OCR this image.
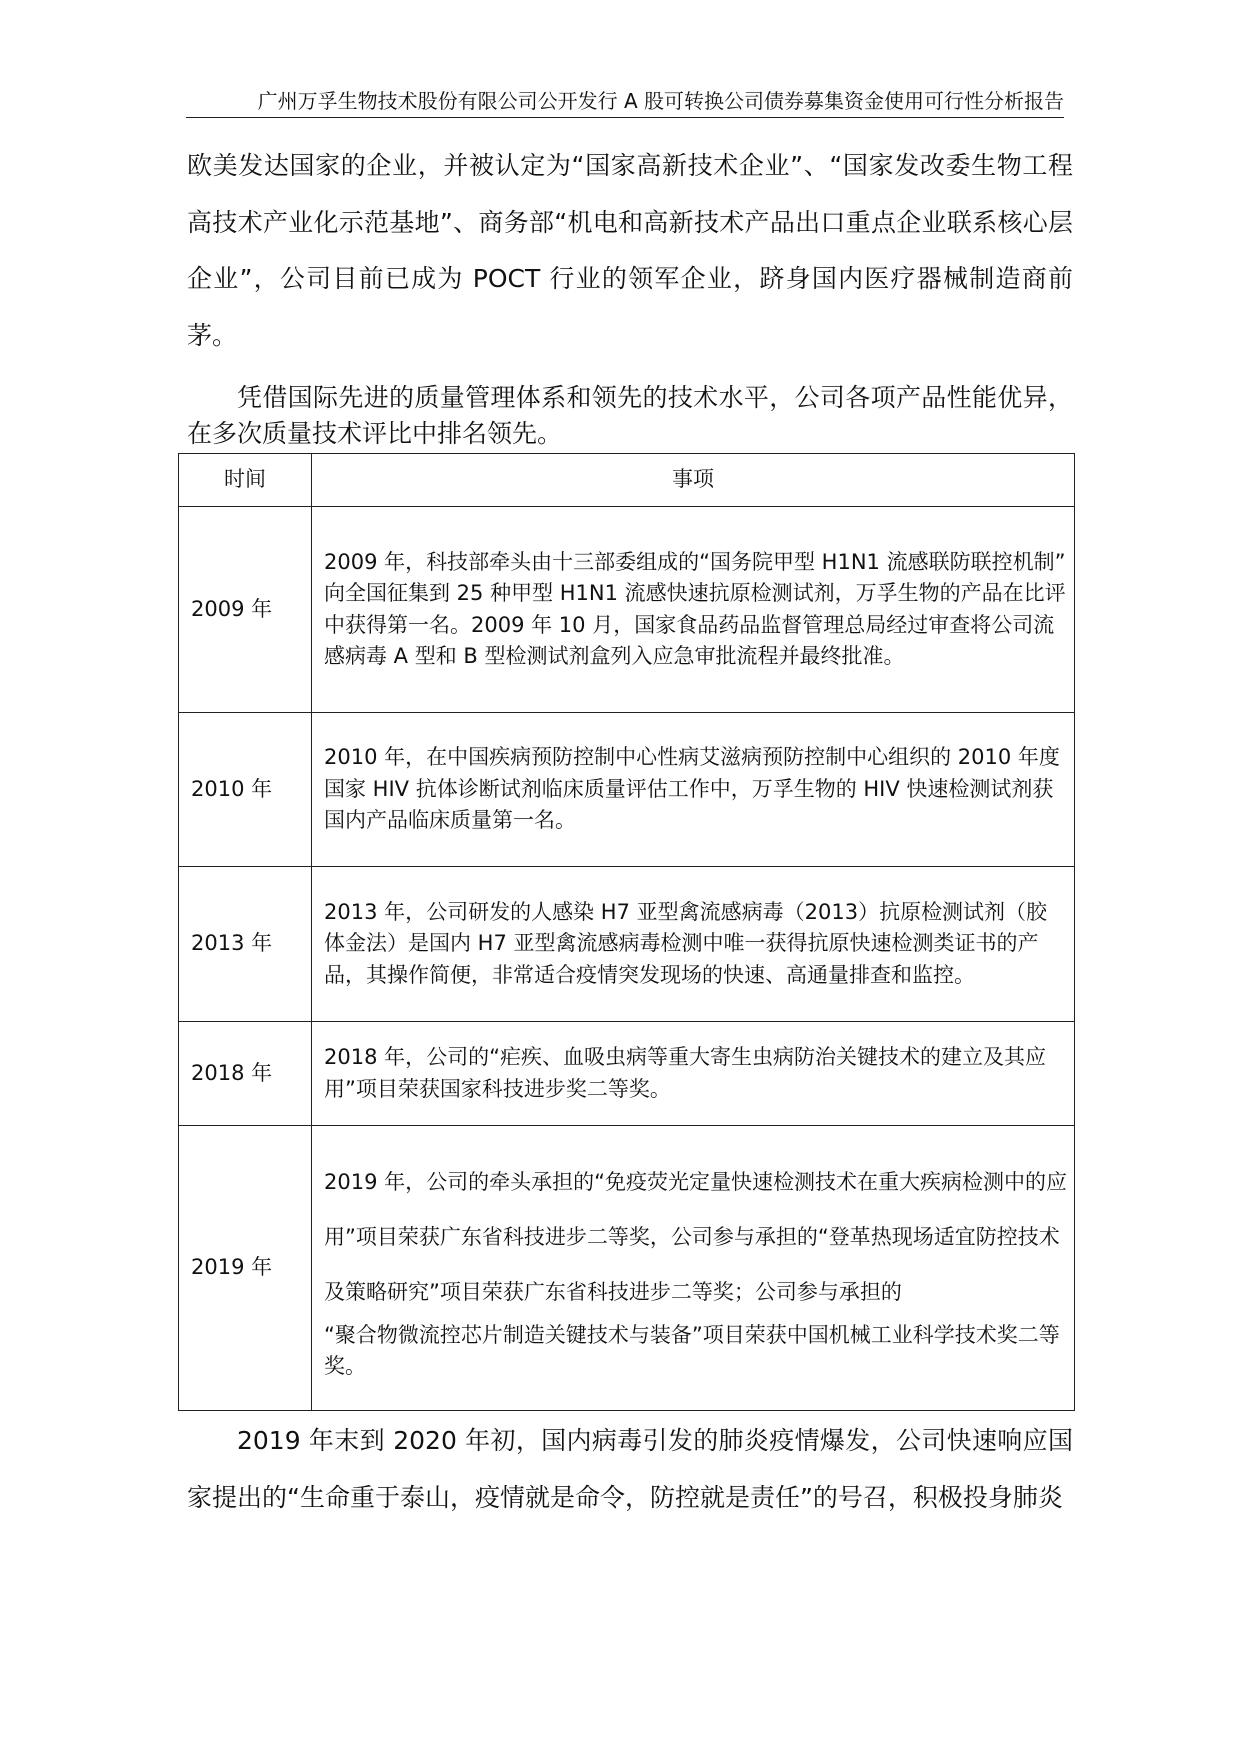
广州万孚生物技术股份有限公司公开发行 A 股可转换公司债券募集资金使用可行性分析报告
欧美发达国家的企业，并被认定为“国家高新技术企业”、“国家发改委生物工程高技术产业化示范基地”、商务部“机电和高新技术产品出口重点企业联系核心层企业”，公司目前已成为 POCT 行业的领军企业，跻身国内医疗器械制造商前茅。
凭借国际先进的质量管理体系和领先的技术水平，公司各项产品性能优异，在多次质量技术评比中排名领先。
时间	事项
2009 年	2009 年，科技部牵头由十三部委组成的“国务院甲型 H1N1 流感联防联控机制” 向全国征集到 25 种甲型 H1N1 流感快速抗原检测试剂，万孚生物的产品在比评中获得第一名。2009 年 10 月，国家食品药品监督管理总局经过审查将公司流感病毒 A 型和 B 型检测试剂盒列入应急审批流程并最终批准。
2010 年	2010 年，在中国疾病预防控制中心性病艾滋病预防控制中心组织的 2010 年度国家 HIV 抗体诊断试剂临床质量评估工作中，万孚生物的 HIV 快速检测试剂获国内产品临床质量第一名。
2013 年	2013 年，公司研发的人感染 H7 亚型禽流感病毒（2013）抗原检测试剂（胶体金法）是国内 H7 亚型禽流感病毒检测中唯一获得抗原快速检测类证书的产品，其操作简便，非常适合疫情突发现场的快速、高通量排查和监控。
2018 年	2018 年，公司的“疟疾、血吸虫病等重大寄生虫病防治关键技术的建立及其应用”项目荣获国家科技进步奖二等奖。
2019 年	2019 年，公司的牵头承担的“免疫荧光定量快速检测技术在重大疾病检测中的应用”项目荣获广东省科技进步二等奖，公司参与承担的“登革热现场适宜防控技术及策略研究”项目荣获广东省科技进步二等奖；公司参与承担的
“聚合物微流控芯片制造关键技术与装备”项目荣获中国机械工业科学技术奖二等奖。
2019 年末到 2020 年初，国内病毒引发的肺炎疫情爆发，公司快速响应国家提出的“生命重于泰山，疫情就是命令，防控就是责任”的号召，积极投身肺炎
